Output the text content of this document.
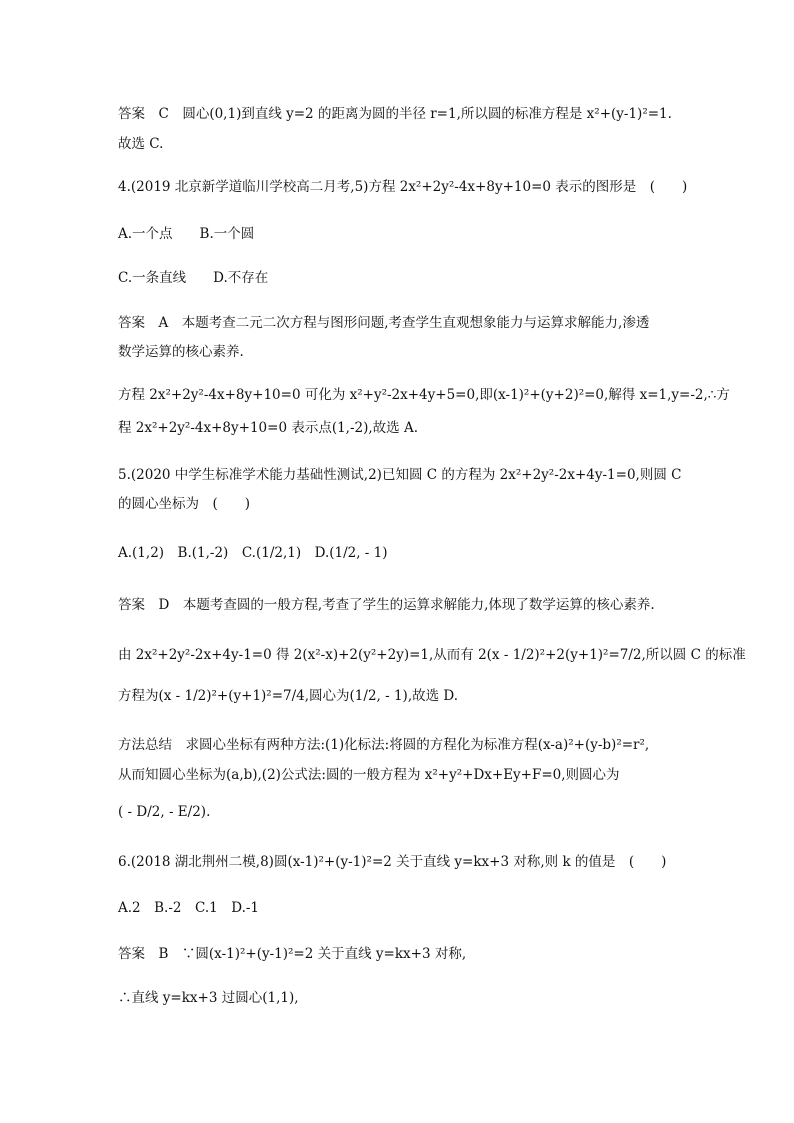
答案　C　圆心(0,1)到直线 y=2 的距离为圆的半径 r=1,所以圆的标准方程是 x²+(y-1)²=1.
故选 C.
4.(2019 北京新学道临川学校高二月考,5)方程 2x²+2y²-4x+8y+10=0 表示的图形是　(　　)
A.一个点　　B.一个圆
C.一条直线　　D.不存在
答案　A　本题考查二元二次方程与图形问题,考查学生直观想象能力与运算求解能力,渗透
数学运算的核心素养.
方程 2x²+2y²-4x+8y+10=0 可化为 x²+y²-2x+4y+5=0,即(x-1)²+(y+2)²=0,解得 x=1,y=-2,∴方
程 2x²+2y²-4x+8y+10=0 表示点(1,-2),故选 A.
5.(2020 中学生标准学术能力基础性测试,2)已知圆 C 的方程为 2x²+2y²-2x+4y-1=0,则圆 C
的圆心坐标为　(　　)
A.(1,2)　B.(1,-2)　C.(1/2,1)　D.(1/2, - 1)
答案　D　本题考查圆的一般方程,考查了学生的运算求解能力,体现了数学运算的核心素养.
由 2x²+2y²-2x+4y-1=0 得 2(x²-x)+2(y²+2y)=1,从而有 2(x - 1/2)²+2(y+1)²=7/2,所以圆 C 的标准
方程为(x - 1/2)²+(y+1)²=7/4,圆心为(1/2, - 1),故选 D.
方法总结　求圆心坐标有两种方法:(1)化标法:将圆的方程化为标准方程(x-a)²+(y-b)²=r²,
从而知圆心坐标为(a,b),(2)公式法:圆的一般方程为 x²+y²+Dx+Ey+F=0,则圆心为
( - D/2, - E/2).
6.(2018 湖北荆州二模,8)圆(x-1)²+(y-1)²=2 关于直线 y=kx+3 对称,则 k 的值是　(　　)
A.2　B.-2　C.1　D.-1
答案　B　∵圆(x-1)²+(y-1)²=2 关于直线 y=kx+3 对称,
∴直线 y=kx+3 过圆心(1,1),
